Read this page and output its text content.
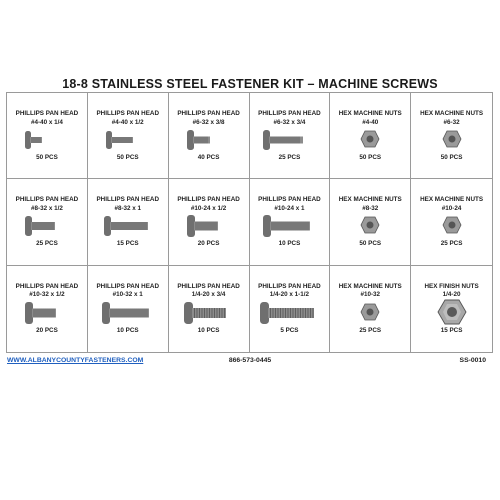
18-8 STAINLESS STEEL FASTENER KIT – MACHINE SCREWS
PHILLIPS PAN HEAD
#4-40 x 1/4
50 PCS
PHILLIPS PAN HEAD
#4-40 x 1/2
50 PCS
PHILLIPS PAN HEAD
#6-32 x 3/8
40 PCS
PHILLIPS PAN HEAD
#6-32 x 3/4
25 PCS
HEX MACHINE NUTS
#4-40
50 PCS
HEX MACHINE NUTS
#6-32
50 PCS
PHILLIPS PAN HEAD
#8-32 x 1/2
25 PCS
PHILLIPS PAN HEAD
#8-32 x 1
15 PCS
PHILLIPS PAN HEAD
#10-24 x 1/2
20 PCS
PHILLIPS PAN HEAD
#10-24 x 1
10 PCS
HEX MACHINE NUTS
#8-32
50 PCS
HEX MACHINE NUTS
#10-24
25 PCS
PHILLIPS PAN HEAD
#10-32 x 1/2
20 PCS
PHILLIPS PAN HEAD
#10-32 x 1
10 PCS
PHILLIPS PAN HEAD
1/4-20 x 3/4
10 PCS
PHILLIPS PAN HEAD
1/4-20 x 1-1/2
5 PCS
HEX MACHINE NUTS
#10-32
25 PCS
HEX FINISH NUTS
1/4-20
15 PCS
WWW.ALBANYCOUNTYFASTENERS.COM	866-573-0445	SS-0010
